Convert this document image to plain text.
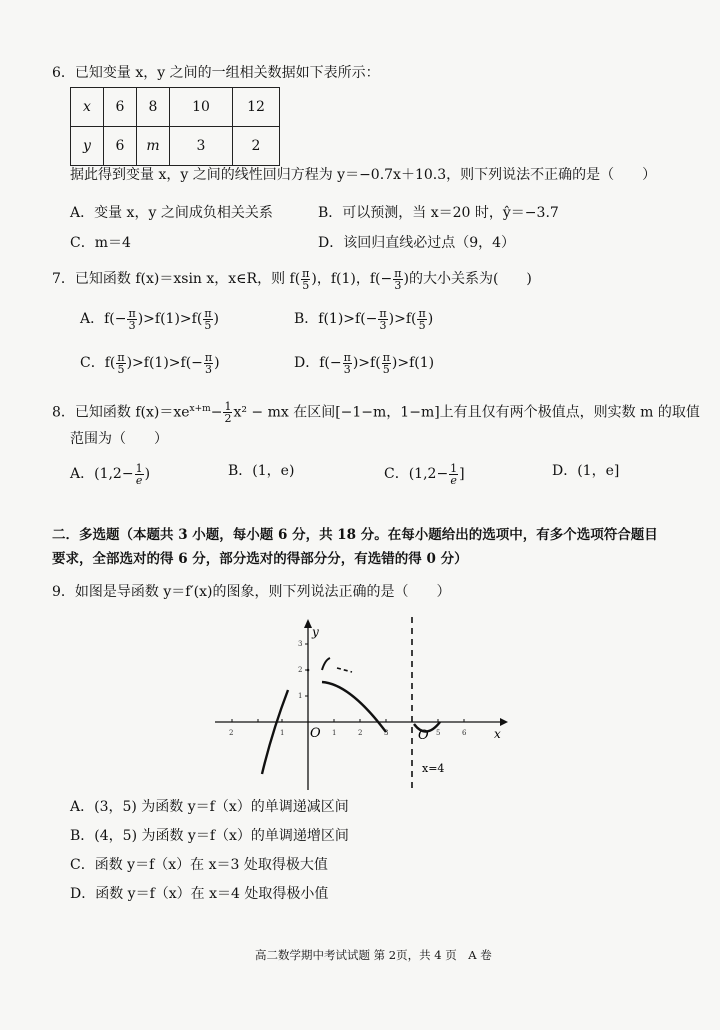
6．已知变量 x，y 之间的一组相关数据如下表所示：
x	6	8	10	12
y	6	m	3	2
据此得到变量 x，y 之间的线性回归方程为 y＝−0.7x＋10.3，则下列说法不正确的是（　　）
A．变量 x，y 之间成负相关关系	B．可以预测，当 x＝20 时，ŷ＝−3.7
C．m＝4	D．该回归直线必过点（9，4）
7．已知函数 f(x)＝xsin x，x∈R，则 $f( \frac{\pi}{5}$ )，f(1)，$f(- \frac{\pi}{3}$ )的大小关系为(　　)
A．$f(- \frac{\pi}{3} )>f(1)>f( \frac{\pi}{5}$ )	B．$f(1)>f(- \frac{\pi}{3} )>f( \frac{\pi}{5}$ )
C．$f( \frac{\pi}{5} )>f(1)>f(- \frac{\pi}{3}$ )	D．$f(- \frac{\pi}{3} )>f( \frac{\pi}{5} )>f(1)$
8．已知函数 $f(x)=xe^{x+m}- \frac{1}{2} x^2$ − mx 在区间[−1−m，1−m]上有且仅有两个极值点，则实数 m 的取值
范围为（　　）
A．($1,2- \frac{1}{e}$ )	B．(1，e)	C．($1,2- \frac{1}{e}$ ]	D．(1，e]
二．多选题（本题共 3 小题，每小题 6 分，共 18 分。在每小题给出的选项中，有多个选项符合题目
要求，全部选对的得 6 分，部分选对的得部分分，有选错的得 0 分）
9．如图是导函数 y＝f′(x)的图象，则下列说法正确的是（　　）
2	1	1	2	3	5	6
3
2
1
x
y
O	O
x=4
A．(3，5) 为函数 y＝f（x）的单调递减区间
B．(4，5) 为函数 y＝f（x）的单调递增区间
C．函数 y＝f（x）在 x＝3 处取得极大值
D．函数 y＝f（x）在 x＝4 处取得极小值
高二数学期中考试试题 第 2页，共 4 页　A 卷
